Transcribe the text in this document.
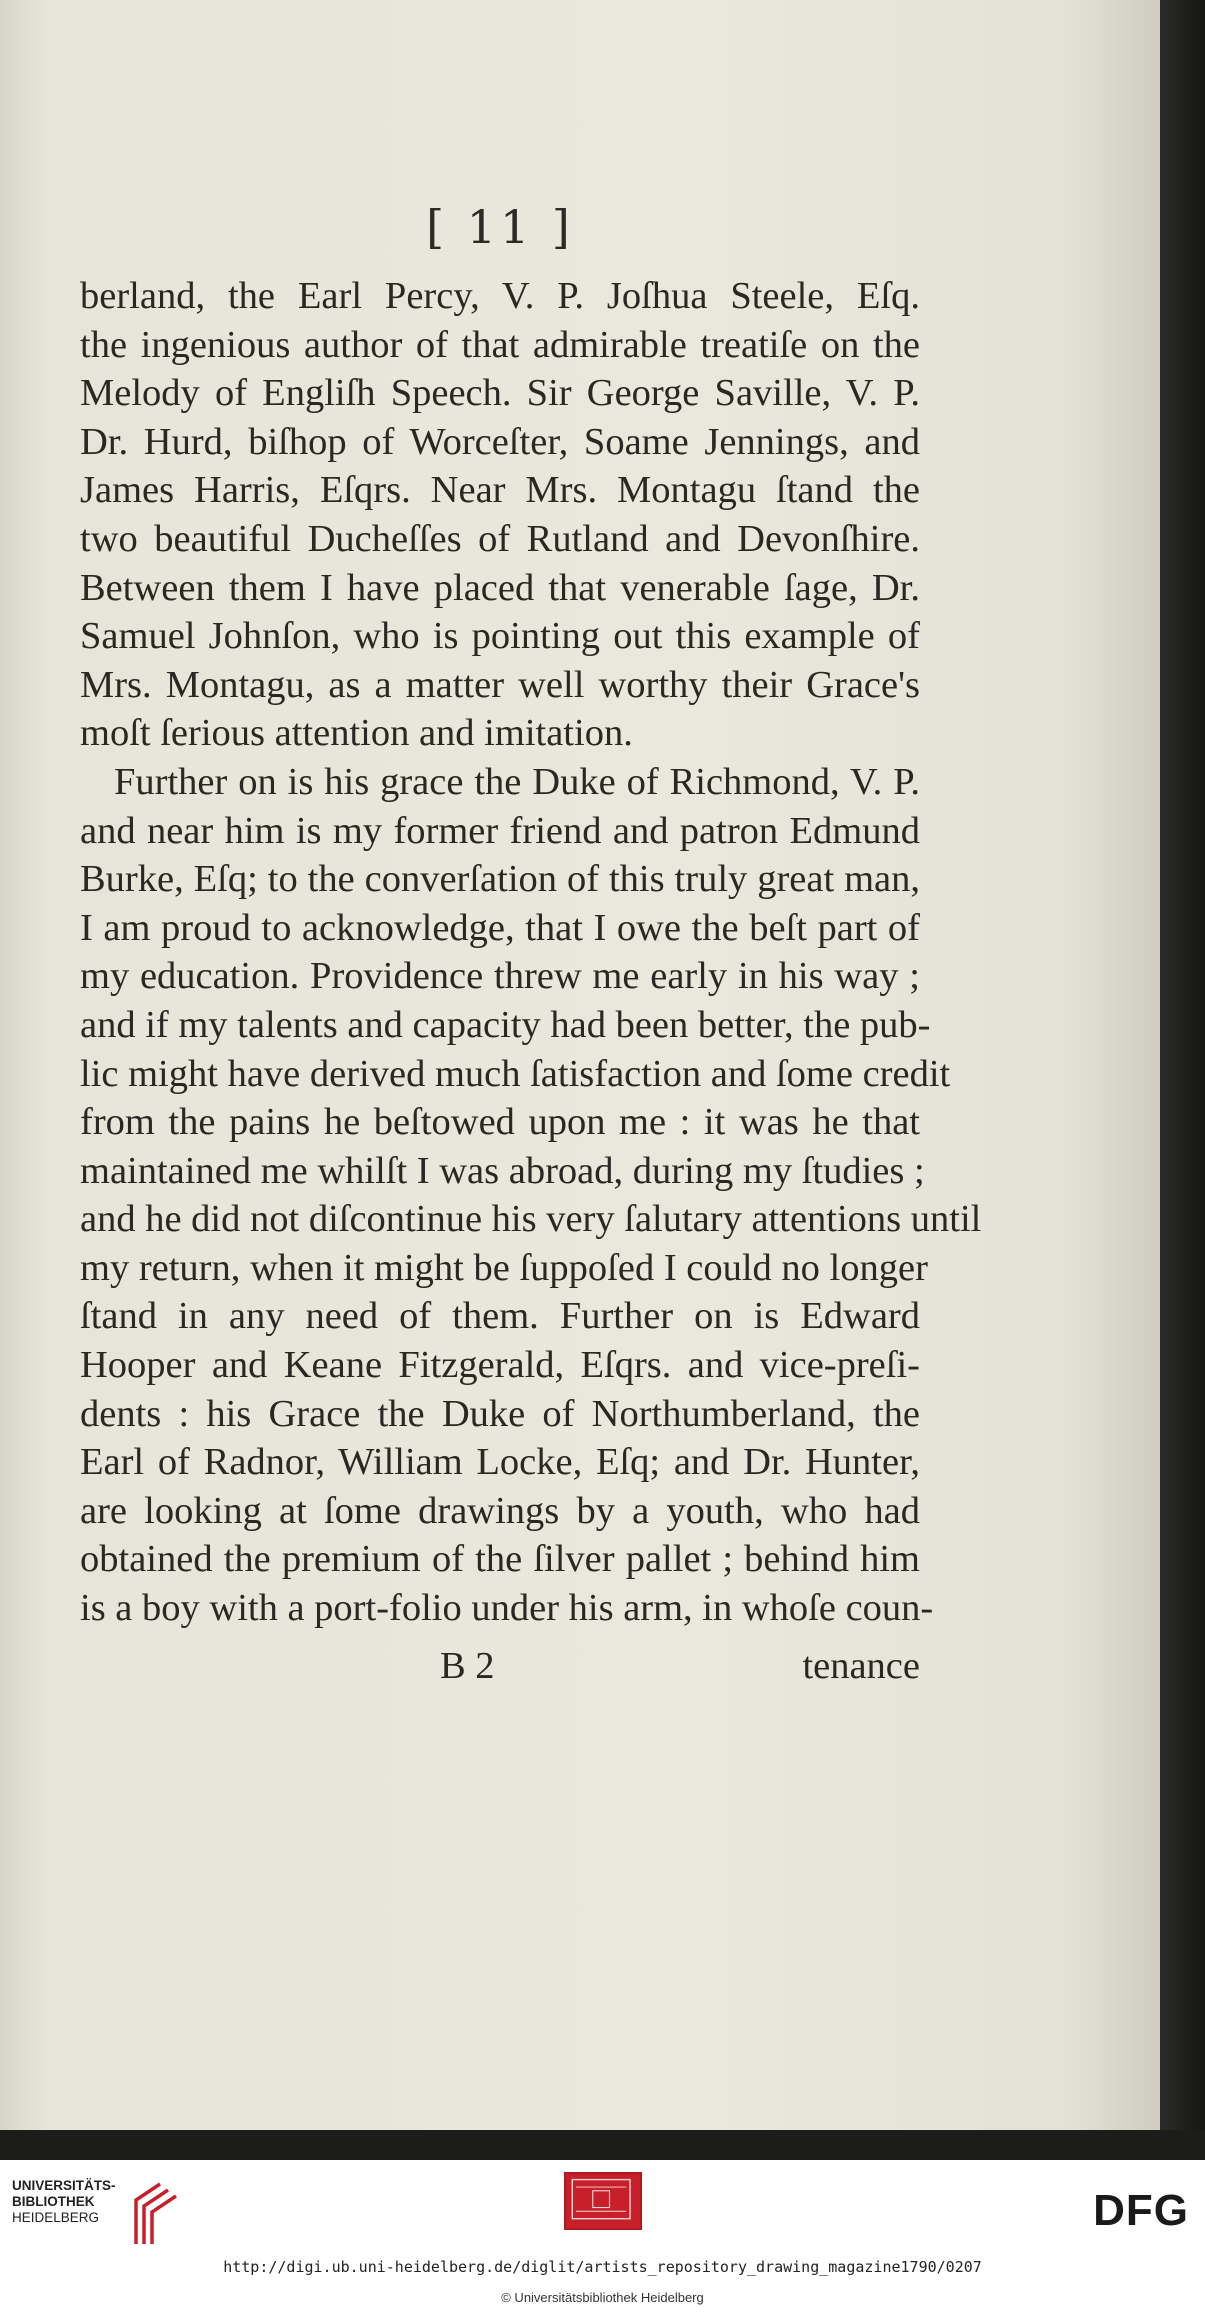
[ 11 ]
berland, the Earl Percy, V. P. Joſhua Steele, Eſq.
the ingenious author of that admirable treatiſe on the
Melody of Engliſh Speech. Sir George Saville, V. P.
Dr. Hurd, biſhop of Worceſter, Soame Jennings, and
James Harris, Eſqrs. Near Mrs. Montagu ſtand the
two beautiful Ducheſſes of Rutland and Devonſhire.
Between them I have placed that venerable ſage, Dr.
Samuel Johnſon, who is pointing out this example of
Mrs. Montagu, as a matter well worthy their Grace's
moſt ſerious attention and imitation.
Further on is his grace the Duke of Richmond, V. P.
and near him is my former friend and patron Edmund
Burke, Eſq; to the converſation of this truly great man,
I am proud to acknowledge, that I owe the beſt part of
my education. Providence threw me early in his way ;
and if my talents and capacity had been better, the pub-
lic might have derived much ſatisfaction and ſome credit
from the pains he beſtowed upon me : it was he that
maintained me whilſt I was abroad, during my ſtudies ;
and he did not diſcontinue his very ſalutary attentions until
my return, when it might be ſuppoſed I could no longer
ſtand in any need of them. Further on is Edward
Hooper and Keane Fitzgerald, Eſqrs. and vice-preſi-
dents : his Grace the Duke of Northumberland, the
Earl of Radnor, William Locke, Eſq; and Dr. Hunter,
are looking at ſome drawings by a youth, who had
obtained the premium of the ſilver pallet ; behind him
is a boy with a port-folio under his arm, in whoſe coun-
B 2	tenance
UNIVERSITÄTS-
BIBLIOTHEK
HEIDELBERG	DFG
http://digi.ub.uni-heidelberg.de/diglit/artists_repository_drawing_magazine1790/0207
© Universitätsbibliothek Heidelberg
